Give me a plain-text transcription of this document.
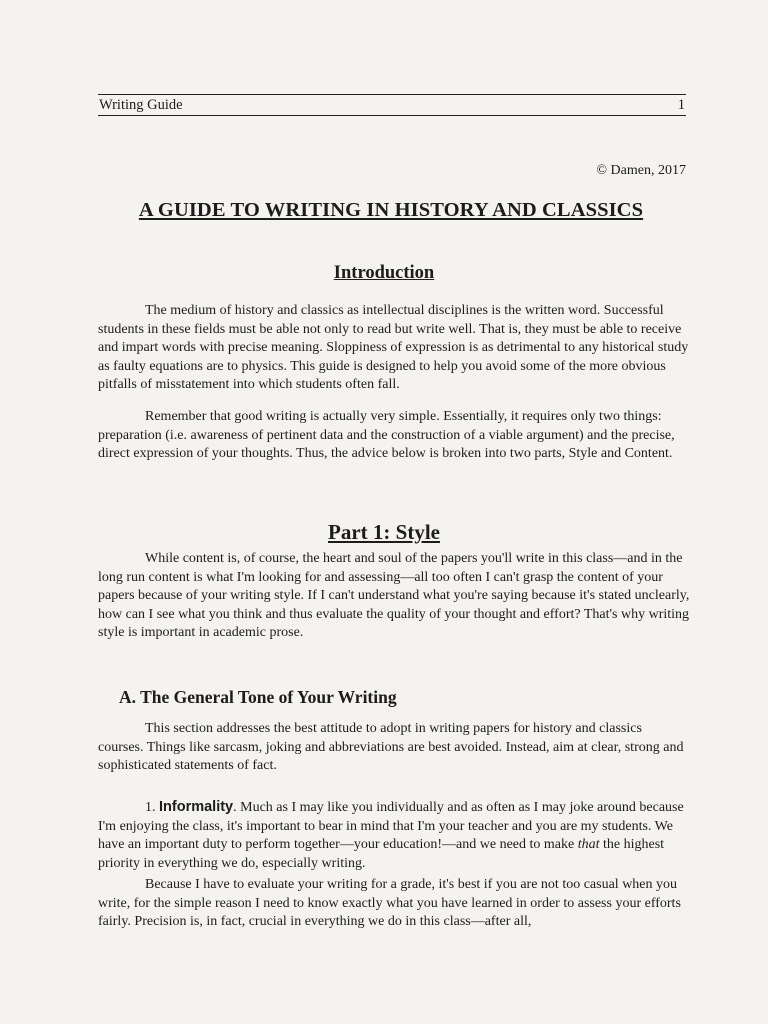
Writing Guide	1
© Damen, 2017
A GUIDE TO WRITING IN HISTORY AND CLASSICS
Introduction

The medium of history and classics as intellectual disciplines is the written word. Successful students in these fields must be able not only to read but write well. That is, they must be able to receive and impart words with precise meaning. Sloppiness of expression is as detrimental to any historical study as faulty equations are to physics. This guide is designed to help you avoid some of the more obvious pitfalls of misstatement into which students often fall.

Remember that good writing is actually very simple. Essentially, it requires only two things: preparation (i.e. awareness of pertinent data and the construction of a viable argument) and the precise, direct expression of your thoughts. Thus, the advice below is broken into two parts, Style and Content.

Part 1: Style

While content is, of course, the heart and soul of the papers you'll write in this class—and in the long run content is what I'm looking for and assessing—all too often I can't grasp the content of your papers because of your writing style. If I can't understand what you're saying because it's stated unclearly, how can I see what you think and thus evaluate the quality of your thought and effort? That's why writing style is important in academic prose.

A. The General Tone of Your Writing

This section addresses the best attitude to adopt in writing papers for history and classics courses. Things like sarcasm, joking and abbreviations are best avoided. Instead, aim at clear, strong and sophisticated statements of fact.

1. Informality. Much as I may like you individually and as often as I may joke around because I'm enjoying the class, it's important to bear in mind that I'm your teacher and you are my students. We have an important duty to perform together—your education!—and we need to make that the highest priority in everything we do, especially writing.

Because I have to evaluate your writing for a grade, it's best if you are not too casual when you write, for the simple reason I need to know exactly what you have learned in order to assess your efforts fairly. Precision is, in fact, crucial in everything we do in this class—after all,
